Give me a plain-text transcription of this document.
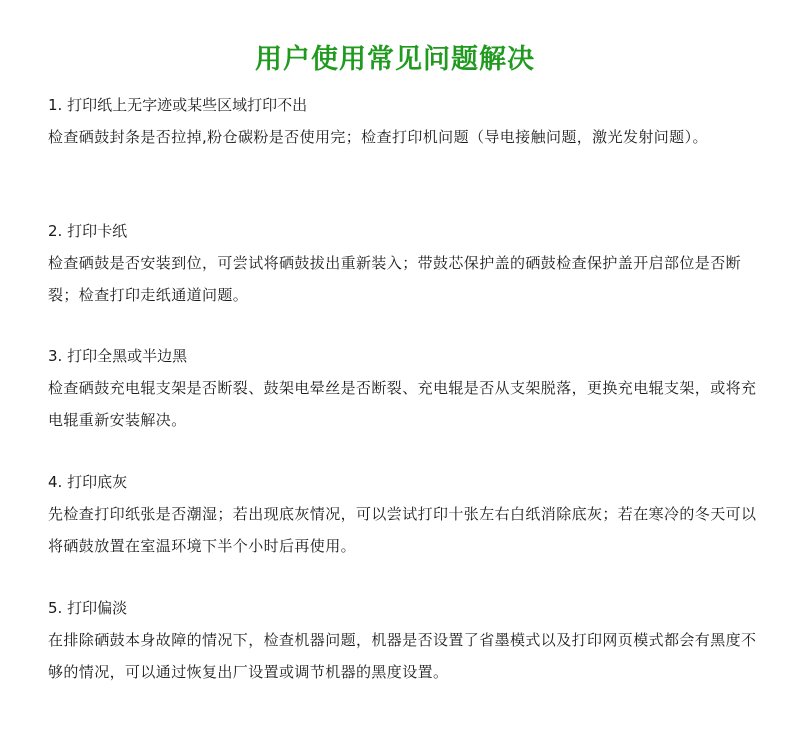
用户使用常见问题解决

1. 打印纸上无字迹或某些区域打印不出

检查硒鼓封条是否拉掉,粉仓碳粉是否使用完；检查打印机问题（导电接触问题，激光发射问题）。

2. 打印卡纸

检查硒鼓是否安装到位，可尝试将硒鼓拔出重新装入；带鼓芯保护盖的硒鼓检查保护盖开启部位是否断裂；检查打印走纸通道问题。

3. 打印全黑或半边黑

检查硒鼓充电辊支架是否断裂、鼓架电晕丝是否断裂、充电辊是否从支架脱落，更换充电辊支架，或将充电辊重新安装解决。

4. 打印底灰

先检查打印纸张是否潮湿；若出现底灰情况，可以尝试打印十张左右白纸消除底灰；若在寒冷的冬天可以将硒鼓放置在室温环境下半个小时后再使用。

5. 打印偏淡

在排除硒鼓本身故障的情况下，检查机器问题，机器是否设置了省墨模式以及打印网页模式都会有黑度不够的情况，可以通过恢复出厂设置或调节机器的黑度设置。
